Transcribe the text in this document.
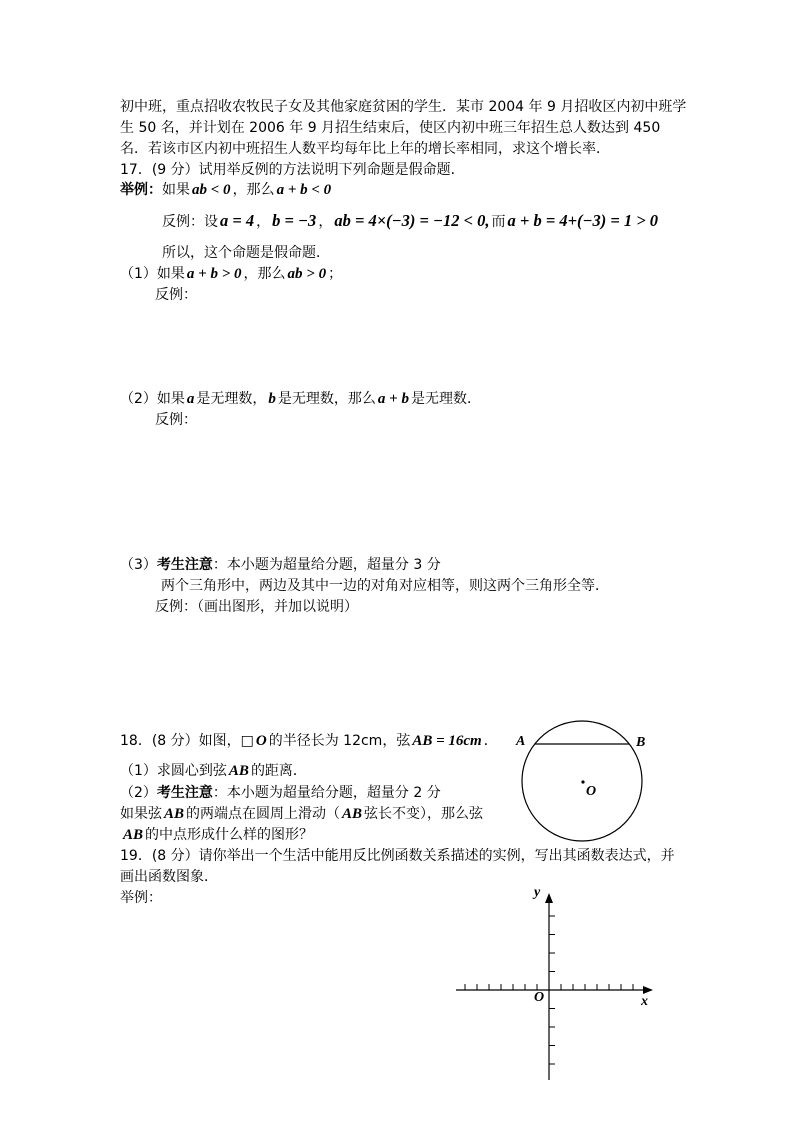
初中班，重点招收农牧民子女及其他家庭贫困的学生．某市 2004 年 9 月招收区内初中班学
生 50 名，并计划在 2006 年 9 月招生结束后，使区内初中班三年招生总人数达到 450
名．若该市区内初中班招生人数平均每年比上年的增长率相同，求这个增长率．
17．(9 分）试用举反例的方法说明下列命题是假命题．
举例：如果 ab < 0 ，那么 a + b < 0
反例：设 a = 4 ， b = −3 ， ab = 4×(−3) = −12 < 0, 而 a + b = 4+(−3) = 1 > 0
所以，这个命题是假命题．
（1）如果 a + b > 0 ，那么 ab > 0 ；
反例：
（2）如果 a 是无理数， b 是无理数，那么 a + b 是无理数．
反例：
（3）考生注意：本小题为超量给分题，超量分 3 分
两个三角形中，两边及其中一边的对角对应相等，则这两个三角形全等．
反例：（画出图形，并加以说明）
18．(8 分）如图，□ O 的半径长为 12cm，弦 AB = 16cm ．
（1）求圆心到弦 AB 的距离．
（2）考生注意：本小题为超量给分题，超量分 2 分
如果弦 AB 的两端点在圆周上滑动（ AB 弦长不变），那么弦
AB 的中点形成什么样的图形？
A	B
O
19．(8 分）请你举出一个生活中能用反比例函数关系描述的实例，写出其函数表达式，并
画出函数图象．
举例：	y
x
O
